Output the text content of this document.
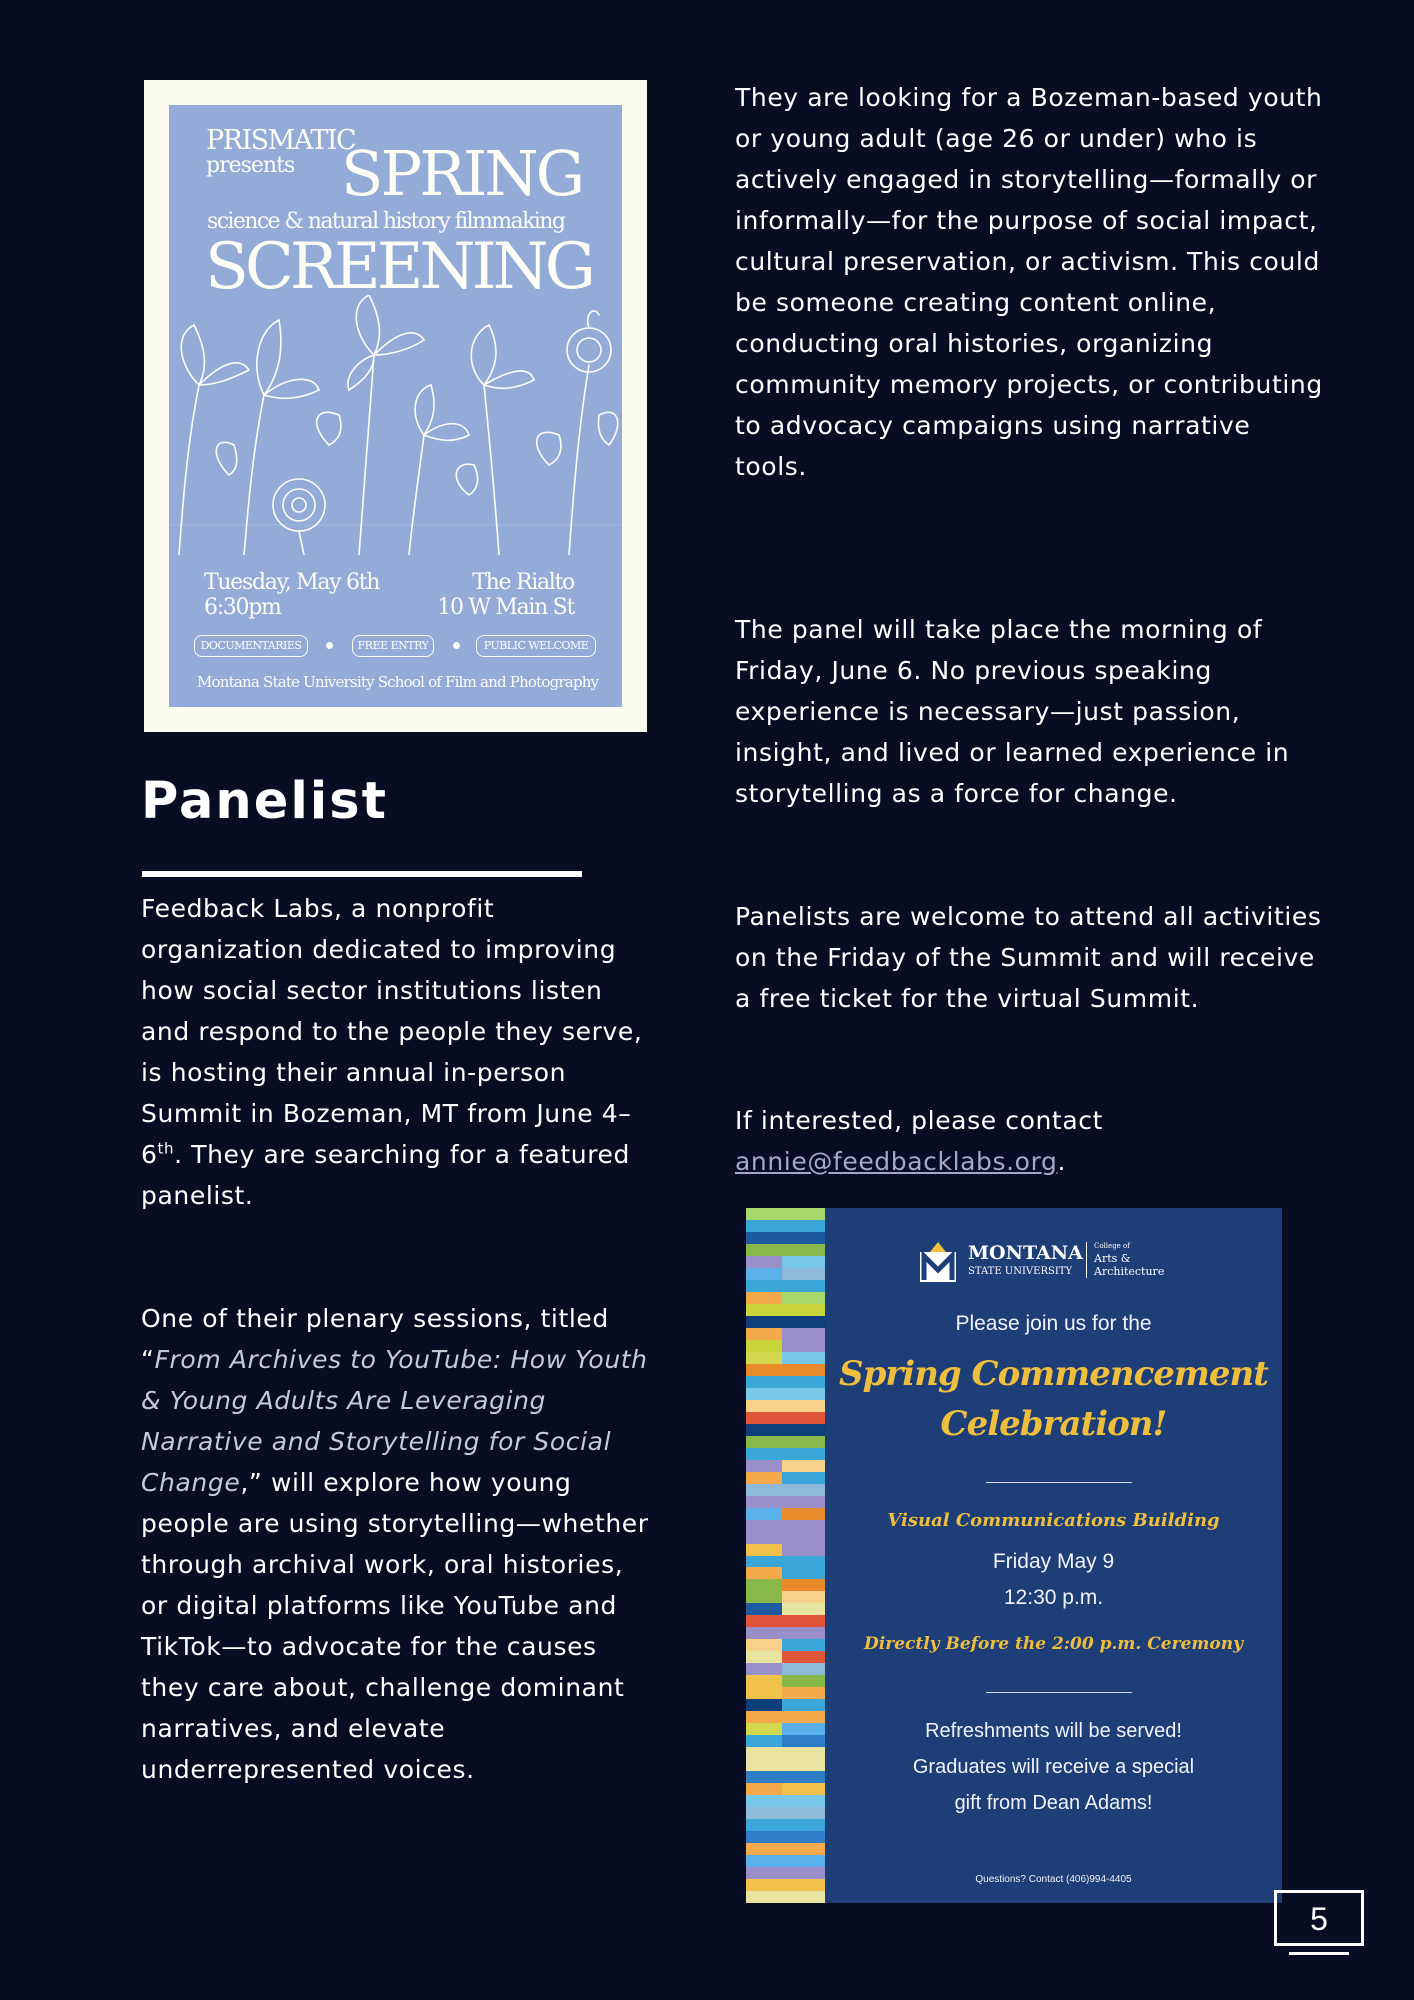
PRISMATIC
presents SPRING
science & natural history filmmaking
SCREENING
Tuesday, May 6th
6:30pm
The Rialto
10 W Main St
DOCUMENTARIES	FREE ENTRY	PUBLIC WELCOME
Montana State University School of Film and Photography
Panelist
Feedback Labs, a nonprofit organization dedicated to improving how social sector institutions listen and respond to the people they serve, is hosting their annual in-person Summit in Bozeman, MT from June 4–6th. They are searching for a featured panelist.
One of their plenary sessions, titled “From Archives to YouTube: How Youth & Young Adults Are Leveraging Narrative and Storytelling for Social Change,” will explore how young people are using storytelling—whether through archival work, oral histories, or digital platforms like YouTube and TikTok—to advocate for the causes they care about, challenge dominant narratives, and elevate underrepresented voices.
They are looking for a Bozeman-based youth or young adult (age 26 or under) who is actively engaged in storytelling—formally or informally—for the purpose of social impact, cultural preservation, or activism. This could be someone creating content online, conducting oral histories, organizing community memory projects, or contributing to advocacy campaigns using narrative tools.
The panel will take place the morning of Friday, June 6. No previous speaking experience is necessary—just passion, insight, and lived or learned experience in storytelling as a force for change.
Panelists are welcome to attend all activities on the Friday of the Summit and will receive a free ticket for the virtual Summit.
If interested, please contact annie@feedbacklabs.org.
MONTANA
STATE UNIVERSITY
College of
Arts &
Architecture
Please join us for the
Spring Commencement
Celebration!
Visual Communications Building
Friday May 9
12:30 p.m.
Directly Before the 2:00 p.m. Ceremony
Refreshments will be served!
Graduates will receive a special
gift from Dean Adams!
Questions? Contact (406)994-4405
5
